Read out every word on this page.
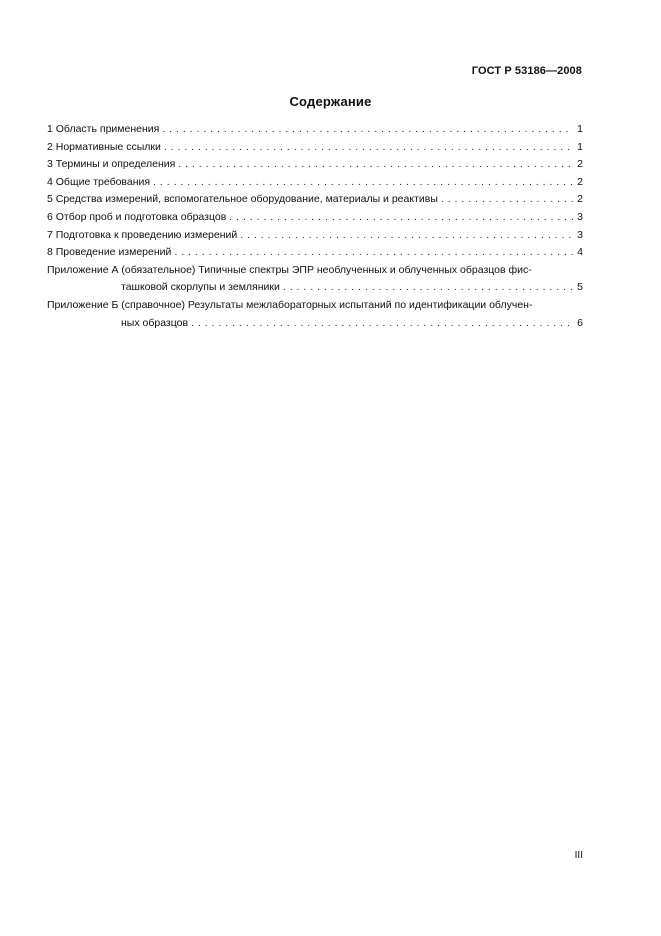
ГОСТ Р 53186—2008
Содержание
1 Область применения . . .	1
2 Нормативные ссылки . . .	1
3 Термины и определения . . .	2
4 Общие требования . . .	2
5 Средства измерений, вспомогательное оборудование, материалы и реактивы . . .	2
6 Отбор проб и подготовка образцов . . .	3
7 Подготовка к проведению измерений . . .	3
8 Проведение измерений . . .	4
Приложение А (обязательное) Типичные спектры ЭПР необлученных и облученных образцов фис-
ташковой скорлупы и земляники . . .	5
Приложение Б (справочное) Результаты межлабораторных испытаний по идентификации облучен-
ных образцов . . .	6
III
